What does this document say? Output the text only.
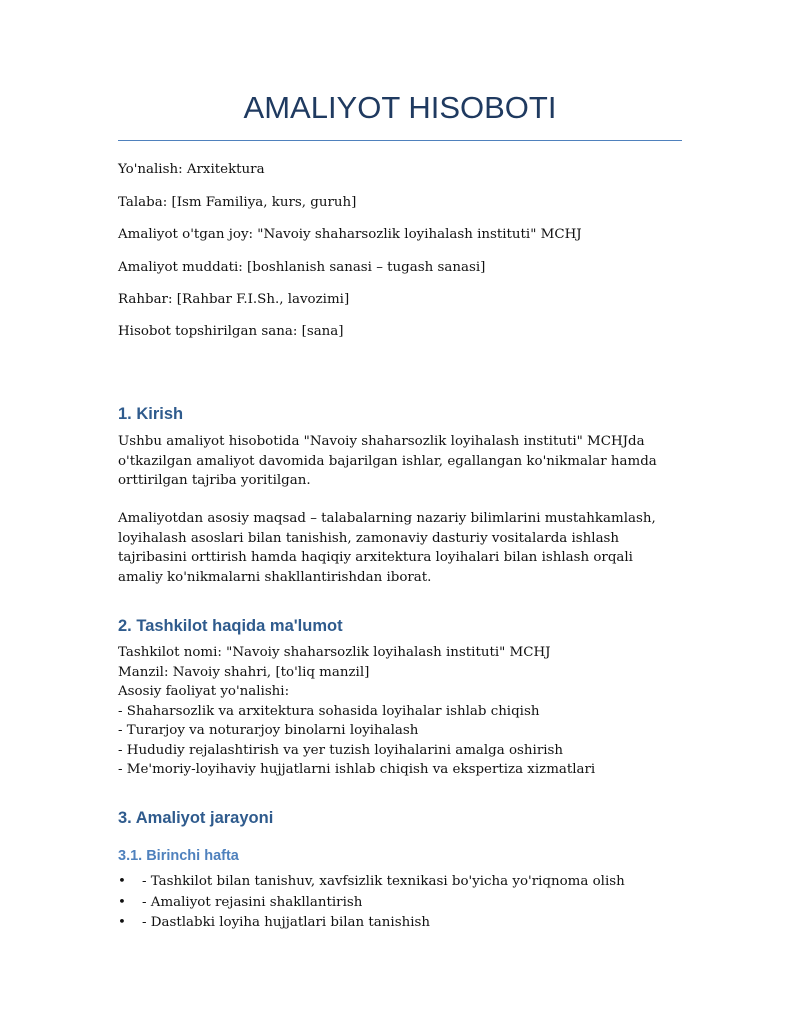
AMALIYOT HISOBOTI

Yo'nalish: Arxitektura

Talaba: [Ism Familiya, kurs, guruh]

Amaliyot o'tgan joy: "Navoiy shaharsozlik loyihalash instituti" MCHJ

Amaliyot muddati: [boshlanish sanasi – tugash sanasi]

Rahbar: [Rahbar F.I.Sh., lavozimi]

Hisobot topshirilgan sana: [sana]

1. Kirish

Ushbu amaliyot hisobotida "Navoiy shaharsozlik loyihalash instituti" MCHJda o'tkazilgan amaliyot davomida bajarilgan ishlar, egallangan ko'nikmalar hamda orttirilgan tajriba yoritilgan.

Amaliyotdan asosiy maqsad – talabalarning nazariy bilimlarini mustahkamlash, loyihalash asoslari bilan tanishish, zamonaviy dasturiy vositalarda ishlash tajribasini orttirish hamda haqiqiy arxitektura loyihalari bilan ishlash orqali amaliy ko'nikmalarni shakllantirishdan iborat.

2. Tashkilot haqida ma'lumot
Tashkilot nomi: "Navoiy shaharsozlik loyihalash instituti" MCHJ
Manzil: Navoiy shahri, [to'liq manzil]
Asosiy faoliyat yo'nalishi:
- Shaharsozlik va arxitektura sohasida loyihalar ishlab chiqish
- Turarjoy va noturarjoy binolarni loyihalash
- Hududiy rejalashtirish va yer tuzish loyihalarini amalga oshirish
- Me'moriy-loyihaviy hujjatlarni ishlab chiqish va ekspertiza xizmatlari
3. Amaliyot jarayoni
3.1. Birinchi hafta
• - Tashkilot bilan tanishuv, xavfsizlik texnikasi bo'yicha yo'riqnoma olish
• - Amaliyot rejasini shakllantirish
• - Dastlabki loyiha hujjatlari bilan tanishish
